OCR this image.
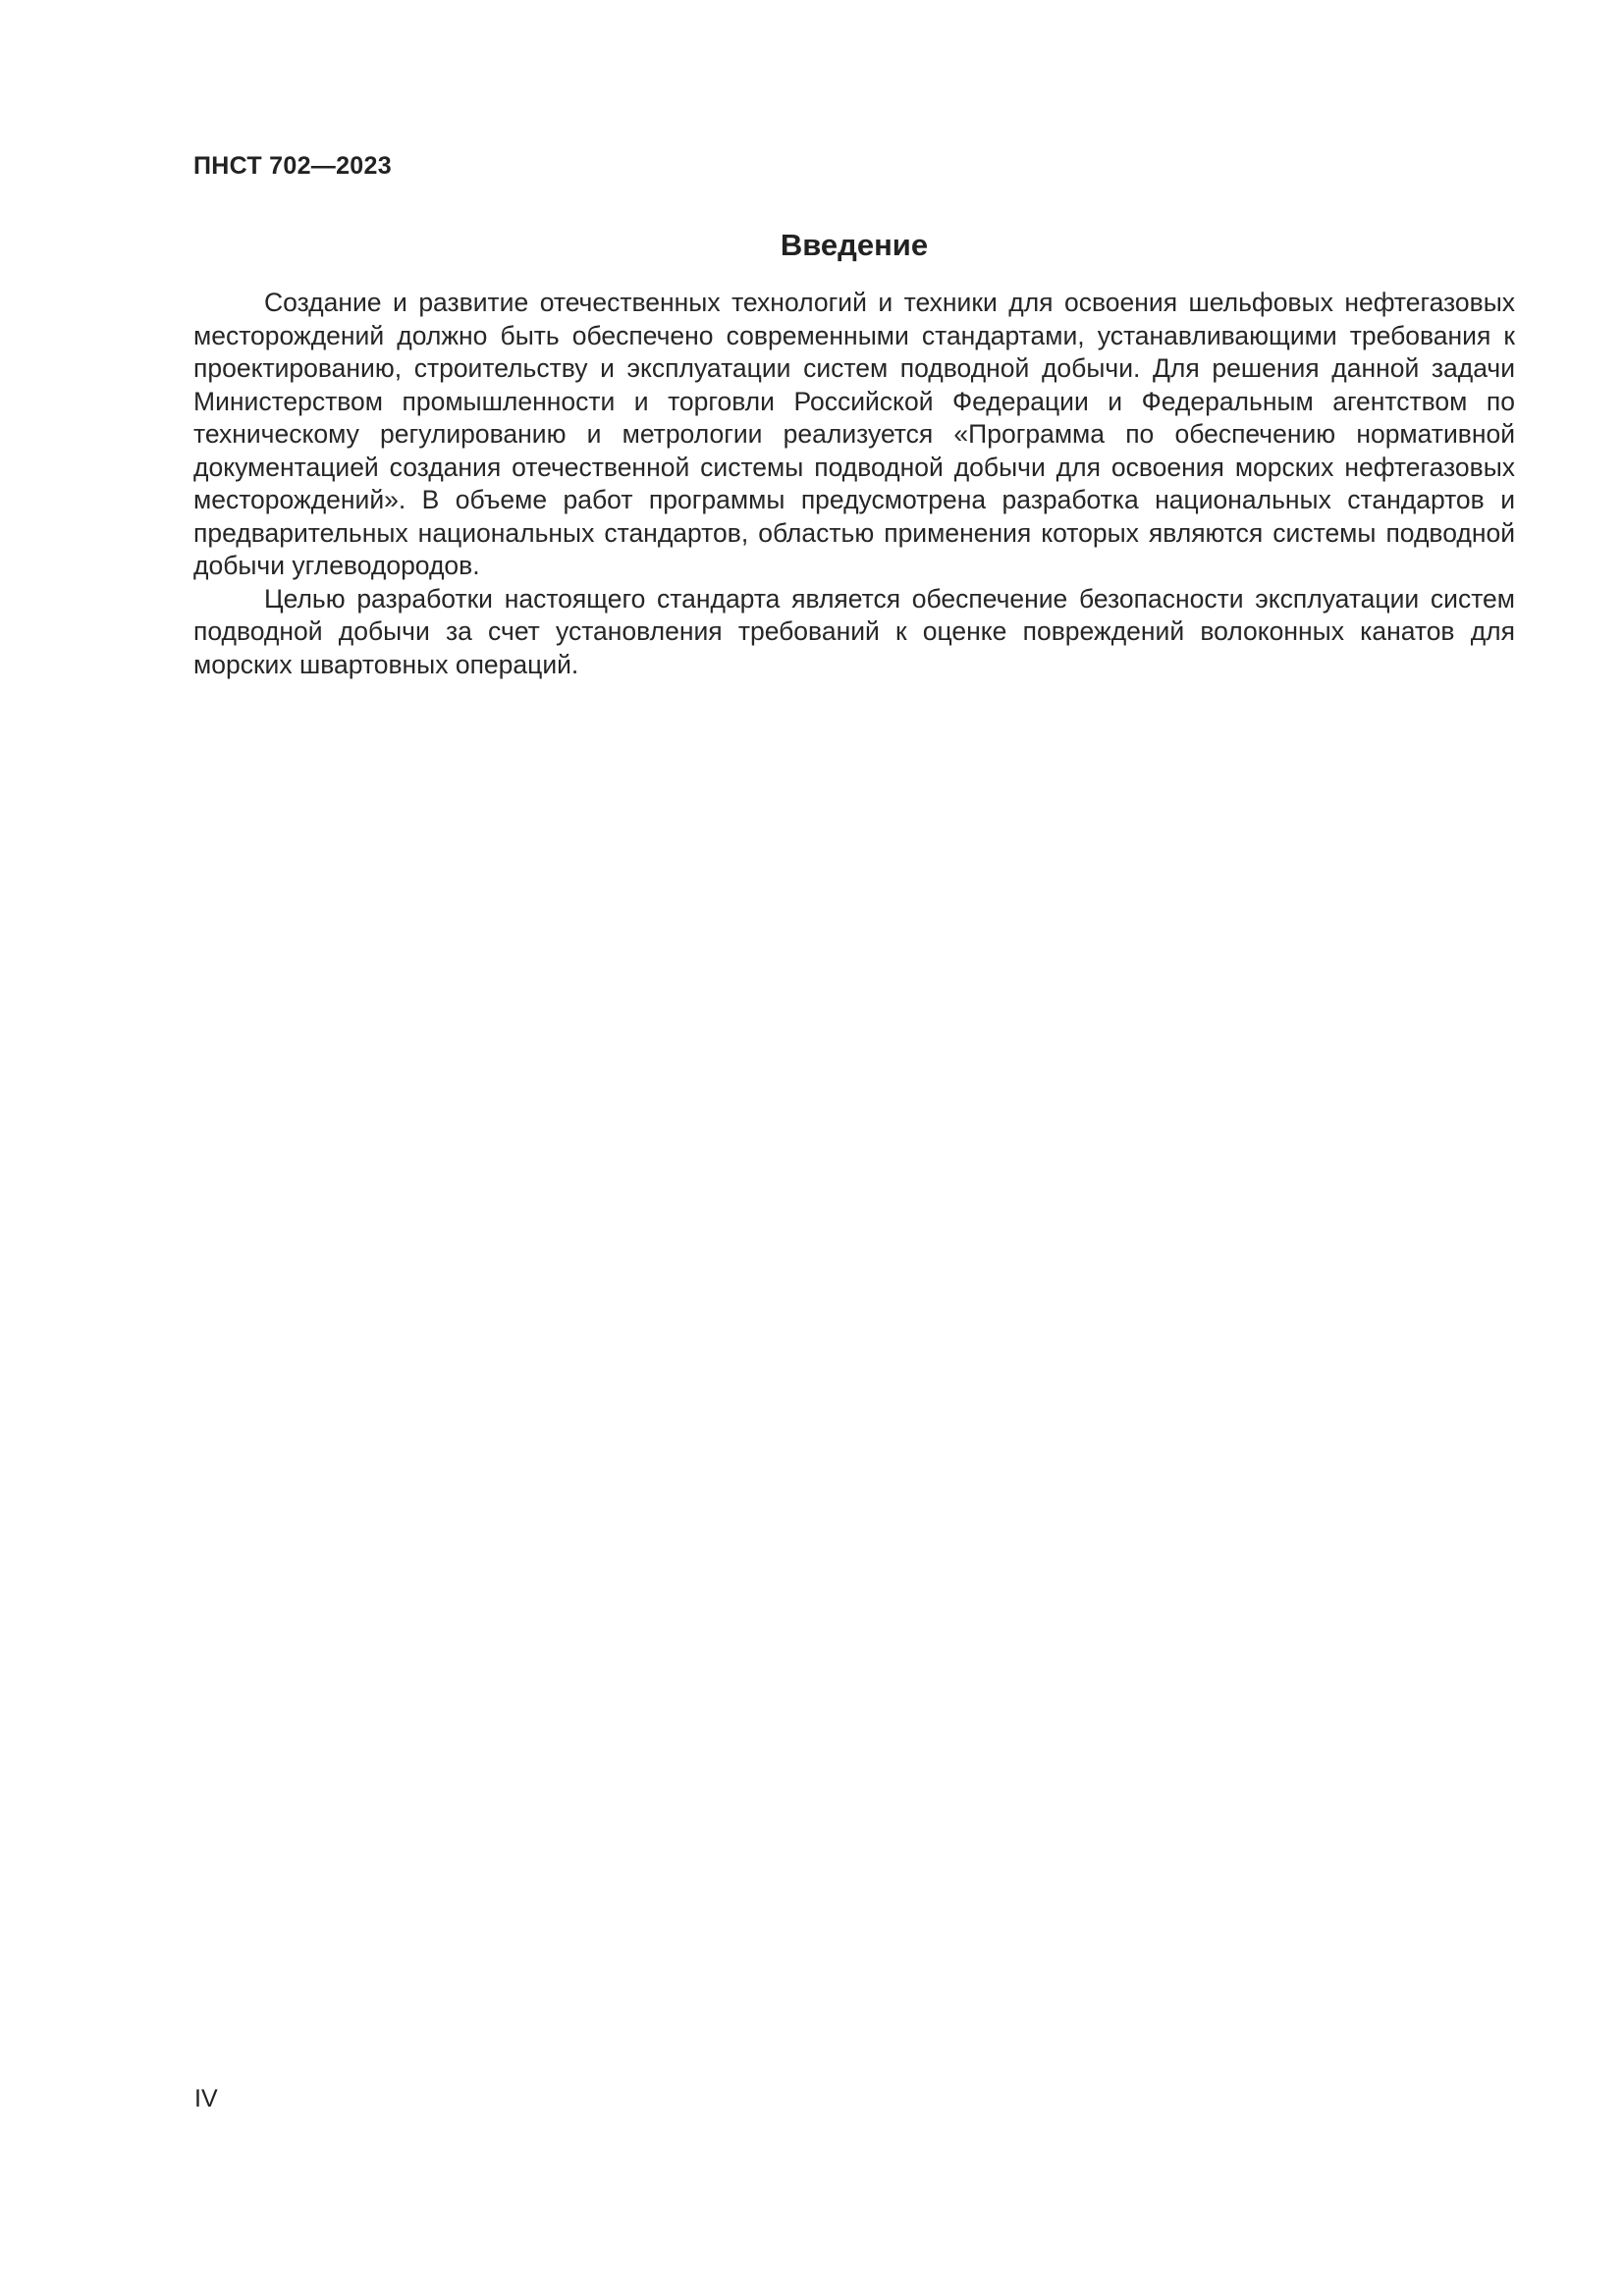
ПНСТ 702—2023
Введение

Создание и развитие отечественных технологий и техники для освоения шельфовых нефтегазовых месторождений должно быть обеспечено современными стандартами, устанавливающими требования к проектированию, строительству и эксплуатации систем подводной добычи. Для решения данной задачи Министерством промышленности и торговли Российской Федерации и Федеральным агентством по техническому регулированию и метрологии реализуется «Программа по обеспечению нормативной документацией создания отечественной системы подводной добычи для освоения морских нефтегазовых месторождений». В объеме работ программы предусмотрена разработка национальных стандартов и предварительных национальных стандартов, областью применения которых являются системы подводной добычи углеводородов.

Целью разработки настоящего стандарта является обеспечение безопасности эксплуатации систем подводной добычи за счет установления требований к оценке повреждений волоконных канатов для морских швартовных операций.

IV
